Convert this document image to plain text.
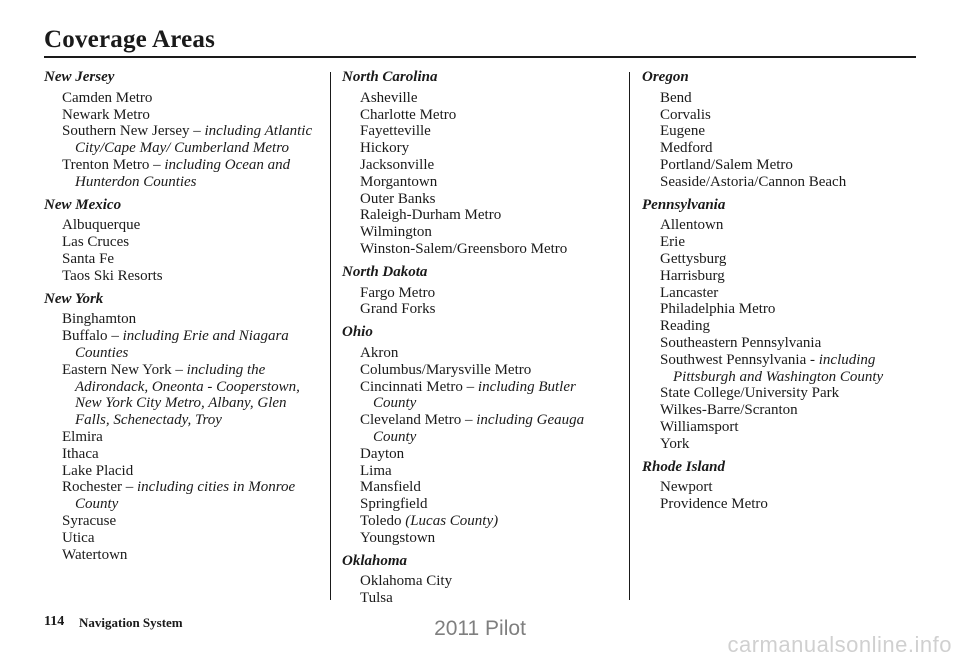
Coverage Areas
New Jersey
Camden Metro
Newark Metro
Southern New Jersey – including Atlantic City/Cape May/ Cumberland Metro
Trenton Metro – including Ocean and Hunterdon Counties
New Mexico
Albuquerque
Las Cruces
Santa Fe
Taos Ski Resorts
New York
Binghamton
Buffalo – including Erie and Niagara Counties
Eastern New York – including the Adirondack, Oneonta - Cooperstown, New York City Metro, Albany, Glen Falls, Schenectady, Troy
Elmira
Ithaca
Lake Placid
Rochester – including cities in Monroe County
Syracuse
Utica
Watertown
North Carolina
Asheville
Charlotte Metro
Fayetteville
Hickory
Jacksonville
Morgantown
Outer Banks
Raleigh-Durham Metro
Wilmington
Winston-Salem/Greensboro Metro
North Dakota
Fargo Metro
Grand Forks
Ohio
Akron
Columbus/Marysville Metro
Cincinnati Metro – including Butler County
Cleveland Metro – including Geauga County
Dayton
Lima
Mansfield
Springfield
Toledo (Lucas County)
Youngstown
Oklahoma
Oklahoma City
Tulsa
Oregon
Bend
Corvalis
Eugene
Medford
Portland/Salem Metro
Seaside/Astoria/Cannon Beach
Pennsylvania
Allentown
Erie
Gettysburg
Harrisburg
Lancaster
Philadelphia Metro
Reading
Southeastern Pennsylvania
Southwest Pennsylvania - including Pittsburgh and Washington County
State College/University Park
Wilkes-Barre/Scranton
Williamsport
York
Rhode Island
Newport
Providence Metro
114 Navigation System	2011 Pilot
carmanualsonline.info
